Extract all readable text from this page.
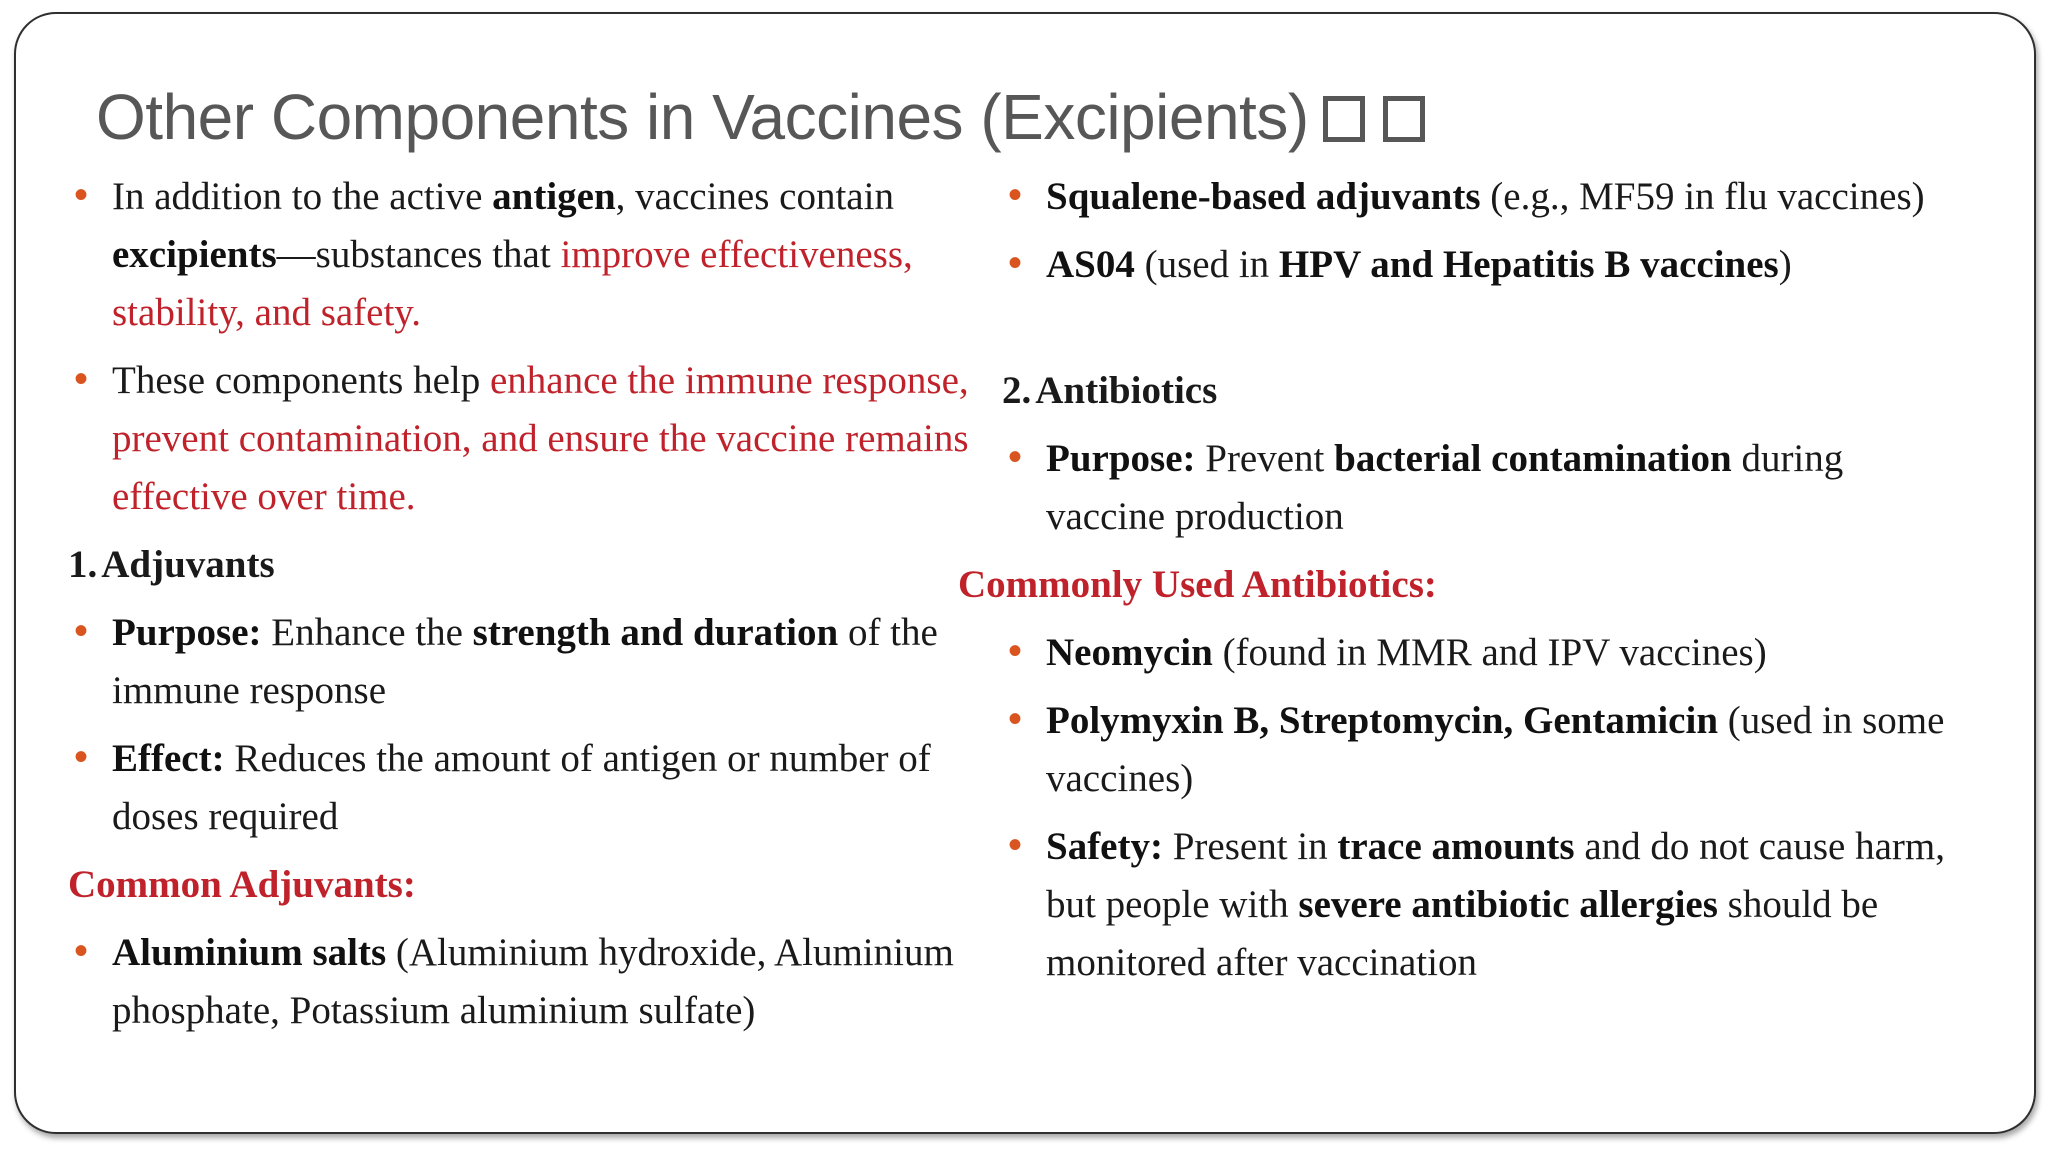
Other Components in Vaccines (Excipients)
• In addition to the active antigen, vaccines contain excipients—substances that improve effectiveness, stability, and safety.
• These components help enhance the immune response, prevent contamination, and ensure the vaccine remains effective over time.
1. Adjuvants
• Purpose: Enhance the strength and duration of the immune response
• Effect: Reduces the amount of antigen or number of doses required
Common Adjuvants:
• Aluminium salts (Aluminium hydroxide, Aluminium phosphate, Potassium aluminium sulfate)
• Squalene-based adjuvants (e.g., MF59 in flu vaccines)
• AS04 (used in HPV and Hepatitis B vaccines)
2. Antibiotics
• Purpose: Prevent bacterial contamination during vaccine production
Commonly Used Antibiotics:
• Neomycin (found in MMR and IPV vaccines)
• Polymyxin B, Streptomycin, Gentamicin (used in some vaccines)
• Safety: Present in trace amounts and do not cause harm, but people with severe antibiotic allergies should be monitored after vaccination
